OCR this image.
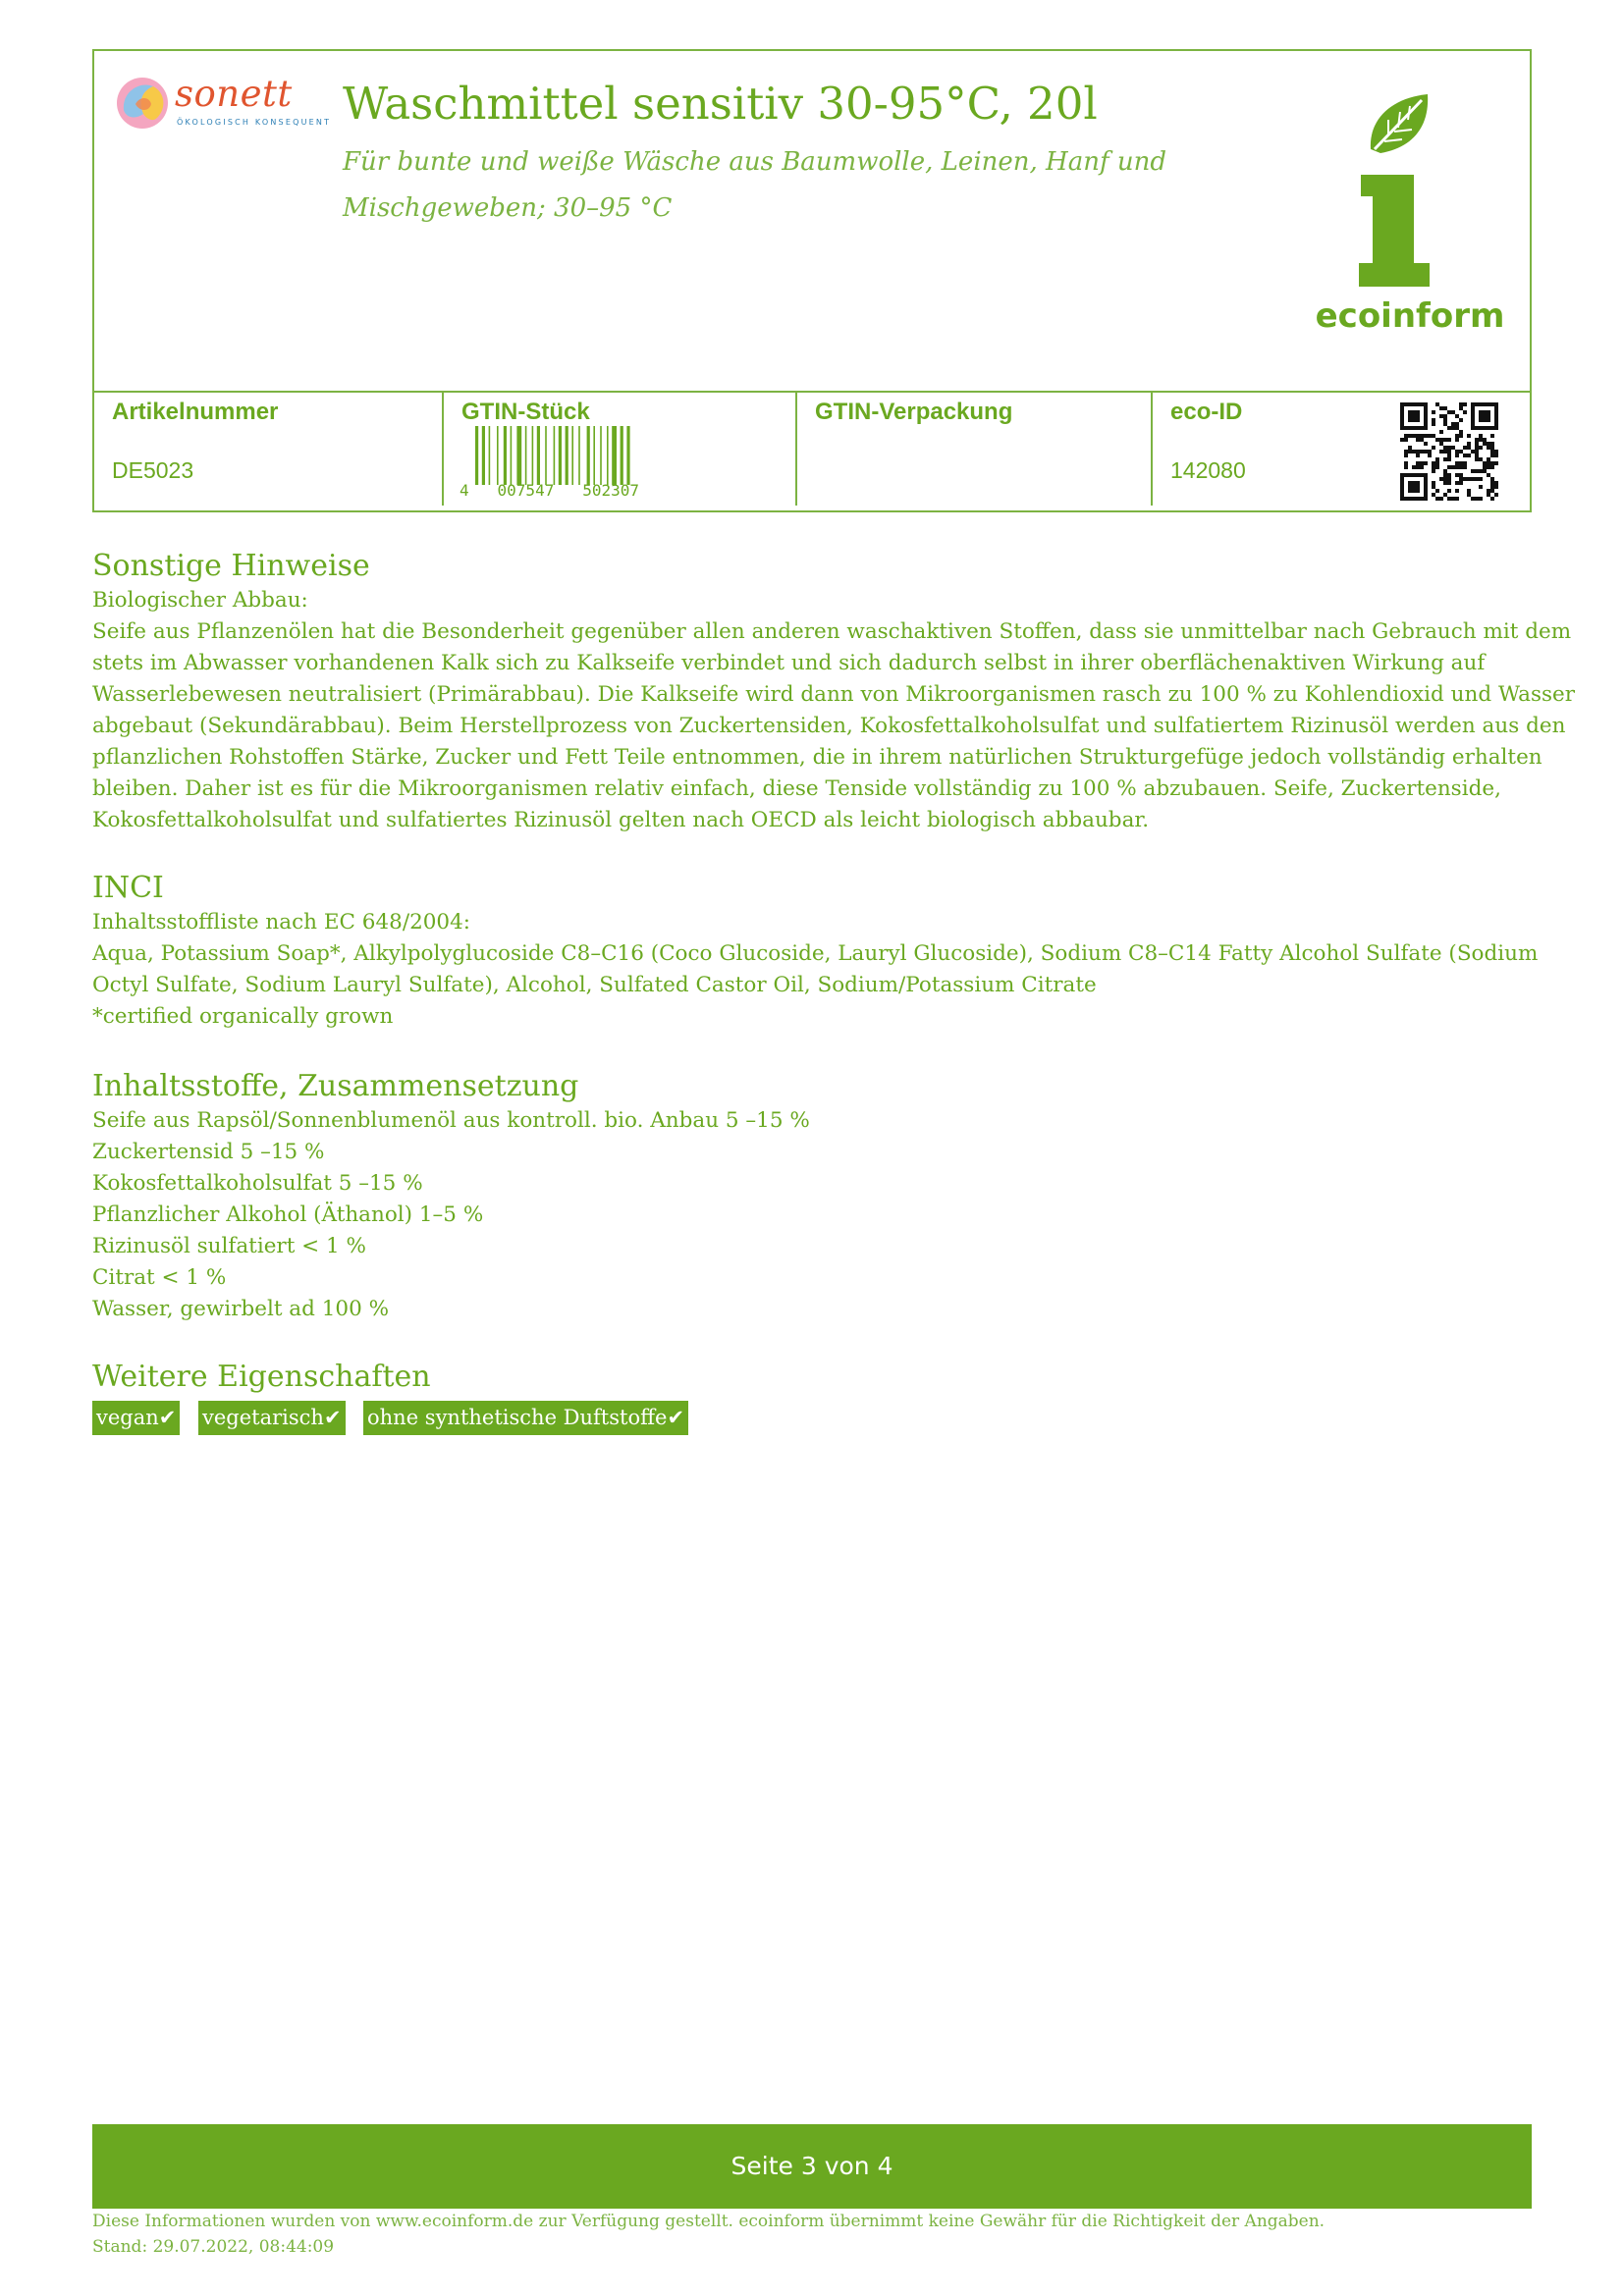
sonett
ÖKOLOGISCH KONSEQUENT Waschmittel sensitiv 30-95°C, 20l
Für bunte und weiße Wäsche aus Baumwolle, Leinen, Hanf und
Mischgeweben; 30–95 °C
ecoinform
Artikelnummer
DE5023
GTIN-Stück
4   007547   502307
GTIN-Verpackung	eco-ID
142080
Sonstige Hinweise
Biologischer Abbau:
Seife aus Pflanzenölen hat die Besonderheit gegenüber allen anderen waschaktiven Stoffen, dass sie unmittelbar nach Gebrauch mit dem
stets im Abwasser vorhandenen Kalk sich zu Kalkseife verbindet und sich dadurch selbst in ihrer oberflächenaktiven Wirkung auf
Wasserlebewesen neutralisiert (Primärabbau). Die Kalkseife wird dann von Mikroorganismen rasch zu 100 % zu Kohlendioxid und Wasser
abgebaut (Sekundärabbau). Beim Herstellprozess von Zuckertensiden, Kokosfettalkoholsulfat und sulfatiertem Rizinusöl werden aus den
pflanzlichen Rohstoffen Stärke, Zucker und Fett Teile entnommen, die in ihrem natürlichen Strukturgefüge jedoch vollständig erhalten
bleiben. Daher ist es für die Mikroorganismen relativ einfach, diese Tenside vollständig zu 100 % abzubauen. Seife, Zuckertenside,
Kokosfettalkoholsulfat und sulfatiertes Rizinusöl gelten nach OECD als leicht biologisch abbaubar.
INCI
Inhaltsstoffliste nach EC 648/2004:
Aqua, Potassium Soap*, Alkylpolyglucoside C8–C16 (Coco Glucoside, Lauryl Glucoside), Sodium C8–C14 Fatty Alcohol Sulfate (Sodium
Octyl Sulfate, Sodium Lauryl Sulfate), Alcohol, Sulfated Castor Oil, Sodium/Potassium Citrate
*certified organically grown
Inhaltsstoffe, Zusammensetzung
Seife aus Rapsöl/Sonnenblumenöl aus kontroll. bio. Anbau 5 –15 %
Zuckertensid 5 –15 %
Kokosfettalkoholsulfat 5 –15 %
Pflanzlicher Alkohol (Äthanol) 1–5 %
Rizinusöl sulfatiert < 1 %
Citrat < 1 %
Wasser, gewirbelt ad 100 %
Weitere Eigenschaften
vegan✔ vegetarisch✔ ohne synthetische Duftstoffe✔
Seite 3 von 4
Diese Informationen wurden von www.ecoinform.de zur Verfügung gestellt. ecoinform übernimmt keine Gewähr für die Richtigkeit der Angaben.
Stand: 29.07.2022, 08:44:09
